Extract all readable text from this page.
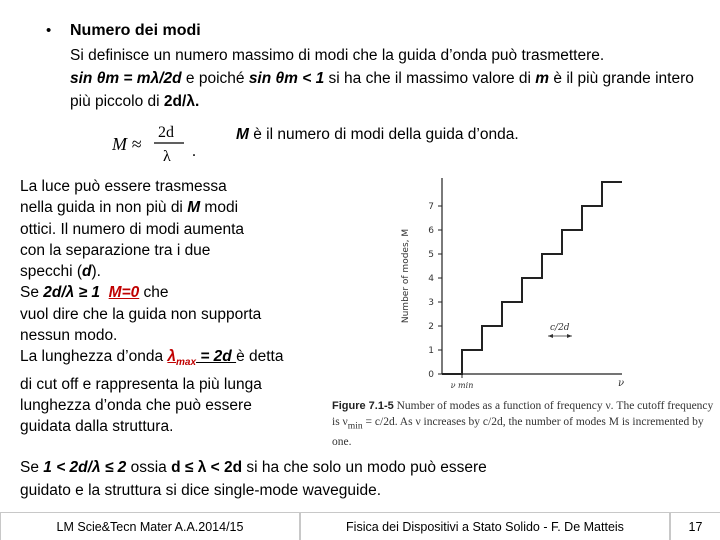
• Numero dei modi
Si definisce un numero massimo di modi che la guida d’onda può trasmettere.
sin θm = mλ/2d e poiché sin θm < 1 si ha che il massimo valore di m è il più grande intero più piccolo di 2d/λ.
M ≈
2d
λ .
M è il numero di modi della guida d’onda.
La luce può essere trasmessa
nella guida in non più di M modi
ottici. Il numero di modi aumenta
con la separazione tra i due
specchi (d).
Se 2d/λ ≥ 1 M=0 che
vuol dire che la guida non supporta
nessun modo.
La lunghezza d’onda $\lambda_{max} = 2d$ è detta
di cut off e rappresenta la più lunga
lunghezza d’onda che può essere
guidata dalla struttura.
Number of modes, M
ν
0
1
2
3
4
5
6
7
ν min
c/2d
Figure 7.1-5 Number of modes as a function of frequency ν. The cutoff frequency is $\nu_{min} = c/2d$. As ν increases by c/2d, the number of modes M is incremented by one.
Se 1 < 2d/λ ≤ 2 ossia d ≤ λ < 2d si ha che solo un modo può essere
guidato e la struttura si dice single-mode waveguide.
LM Scie&Tecn Mater A.A.2014/15	Fisica dei Dispositivi a Stato Solido - F. De Matteis	17
